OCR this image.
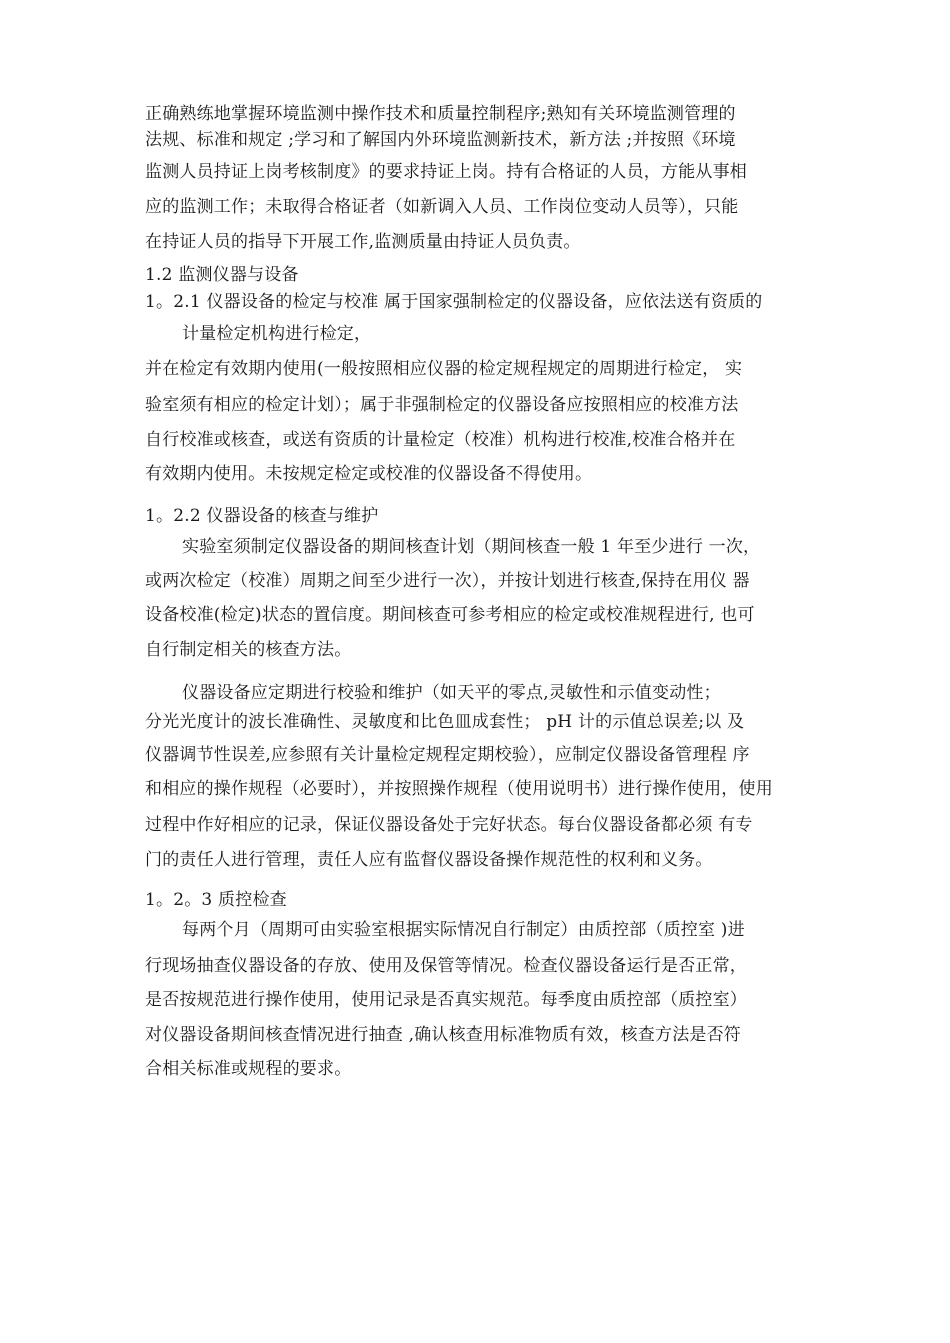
正确熟练地掌握环境监测中操作技术和质量控制程序;熟知有关环境监测管理的
法规、标准和规定 ;学习和了解国内外环境监测新技术，新方法 ;并按照《环境
监测人员持证上岗考核制度》的要求持证上岗。持有合格证的人员，方能从事相
应的监测工作；未取得合格证者（如新调入人员、工作岗位变动人员等），只能
在持证人员的指导下开展工作,监测质量由持证人员负责。
1.2 监测仪器与设备
1。2.1 仪器设备的检定与校准 属于国家强制检定的仪器设备，应依法送有资质的
计量检定机构进行检定，
并在检定有效期内使用(一般按照相应仪器的检定规程规定的周期进行检定， 实
验室须有相应的检定计划）；属于非强制检定的仪器设备应按照相应的校准方法
自行校准或核查，或送有资质的计量检定（校准）机构进行校准,校准合格并在
有效期内使用。未按规定检定或校准的仪器设备不得使用。
1。2.2 仪器设备的核查与维护
实验室须制定仪器设备的期间核查计划（期间核查一般 1 年至少进行 一次，
或两次检定（校准）周期之间至少进行一次），并按计划进行核查,保持在用仪 器
设备校准(检定)状态的置信度。期间核查可参考相应的检定或校准规程进行, 也可
自行制定相关的核查方法。
仪器设备应定期进行校验和维护（如天平的零点,灵敏性和示值变动性；
分光光度计的波长准确性、灵敏度和比色皿成套性； pH 计的示值总误差;以 及
仪器调节性误差,应参照有关计量检定规程定期校验），应制定仪器设备管理程 序
和相应的操作规程（必要时），并按照操作规程（使用说明书）进行操作使用，使用
过程中作好相应的记录，保证仪器设备处于完好状态。每台仪器设备都必须 有专
门的责任人进行管理，责任人应有监督仪器设备操作规范性的权利和义务。
1。2。3 质控检查
每两个月（周期可由实验室根据实际情况自行制定）由质控部（质控室 )进
行现场抽查仪器设备的存放、使用及保管等情况。检查仪器设备运行是否正常，
是否按规范进行操作使用，使用记录是否真实规范。每季度由质控部（质控室）
对仪器设备期间核查情况进行抽查 ,确认核查用标准物质有效，核查方法是否符
合相关标准或规程的要求。
